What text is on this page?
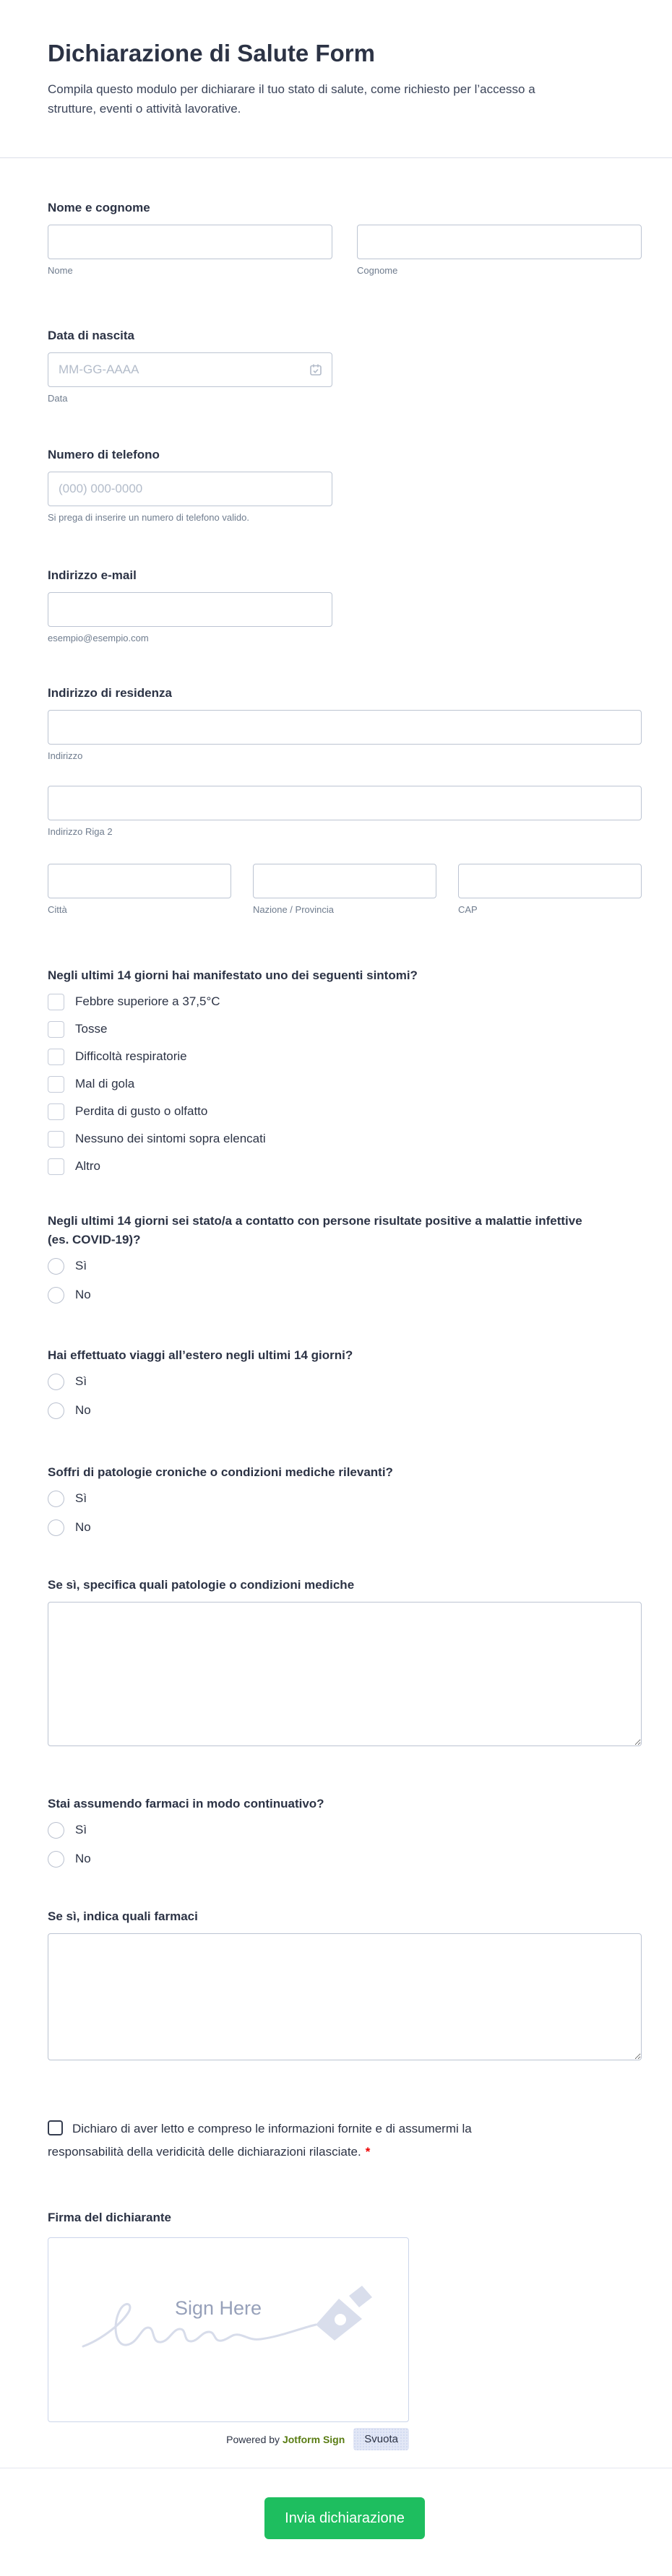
Dichiarazione di Salute Form

Compila questo modulo per dichiarare il tuo stato di salute, come richiesto per l’accesso a strutture, eventi o attività lavorative.

Nome e cognome
Nome	Cognome
Data di nascita
MM-GG-AAAA
Data
Numero di telefono
(000) 000-0000
Si prega di inserire un numero di telefono valido.
Indirizzo e-mail
esempio@esempio.com
Indirizzo di residenza
Indirizzo
Indirizzo Riga 2
Città	Nazione / Provincia	CAP
Negli ultimi 14 giorni hai manifestato uno dei seguenti sintomi?
Febbre superiore a 37,5°C
Tosse
Difficoltà respiratorie
Mal di gola
Perdita di gusto o olfatto
Nessuno dei sintomi sopra elencati
Altro
Negli ultimi 14 giorni sei stato/a a contatto con persone risultate positive a malattie infettive (es. COVID-19)?
Sì
No
Hai effettuato viaggi all’estero negli ultimi 14 giorni?
Sì
No
Soffri di patologie croniche o condizioni mediche rilevanti?
Sì
No
Se sì, specifica quali patologie o condizioni mediche
Stai assumendo farmaci in modo continuativo?
Sì
No
Se sì, indica quali farmaci
Dichiaro di aver letto e compreso le informazioni fornite e di assumermi la responsabilità della veridicità delle dichiarazioni rilasciate. *
Firma del dichiarante
Sign Here
Powered by Jotform Sign	Svuota
Invia dichiarazione
